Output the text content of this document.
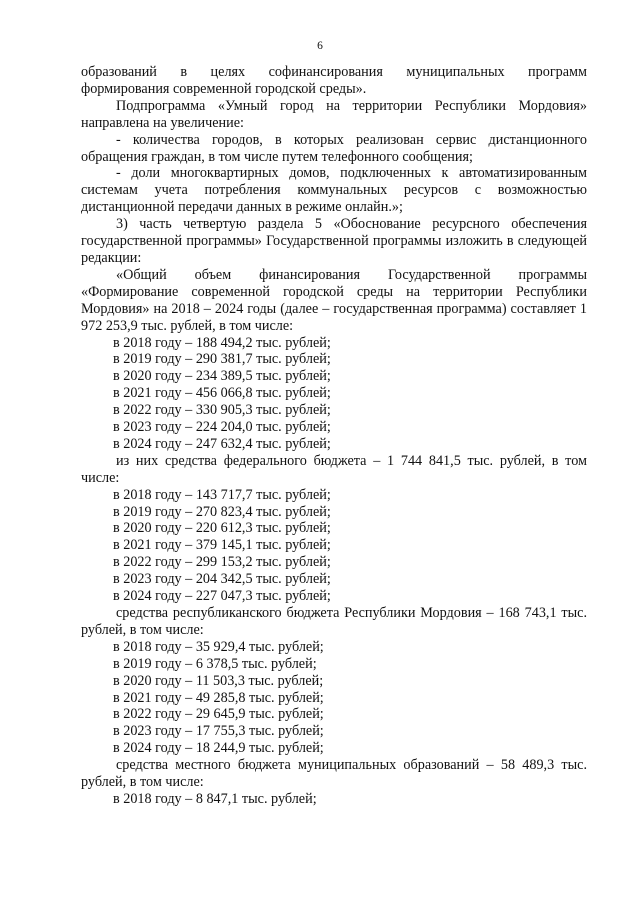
6
образований в целях софинансирования муниципальных программ
формирования современной городской среды».
Подпрограмма «Умный город на территории Республики Мордовия»
направлена на увеличение:
- количества городов, в которых реализован сервис дистанционного обращения граждан, в том числе путем телефонного сообщения;
- доли многоквартирных домов, подключенных к автоматизированным системам учета потребления коммунальных ресурсов с возможностью дистанционной передачи данных в режиме онлайн.»;
3) часть четвертую раздела 5 «Обоснование ресурсного обеспечения государственной программы» Государственной программы изложить в следующей редакции:
«Общий объем финансирования Государственной программы «Формирование современной городской среды на территории Республики Мордовия» на 2018 – 2024 годы (далее – государственная программа) составляет 1 972 253,9 тыс. рублей, в том числе:
в 2018 году – 188 494,2 тыс. рублей;
в 2019 году – 290 381,7 тыс. рублей;
в 2020 году – 234 389,5 тыс. рублей;
в 2021 году – 456 066,8 тыс. рублей;
в 2022 году – 330 905,3 тыс. рублей;
в 2023 году – 224 204,0 тыс. рублей;
в 2024 году – 247 632,4 тыс. рублей;
из них средства федерального бюджета – 1 744 841,5 тыс. рублей, в том числе:
в 2018 году – 143 717,7 тыс. рублей;
в 2019 году – 270 823,4 тыс. рублей;
в 2020 году – 220 612,3 тыс. рублей;
в 2021 году – 379 145,1 тыс. рублей;
в 2022 году – 299 153,2 тыс. рублей;
в 2023 году – 204 342,5 тыс. рублей;
в 2024 году – 227 047,3 тыс. рублей;
средства республиканского бюджета Республики Мордовия – 168 743,1 тыс. рублей, в том числе:
в 2018 году – 35 929,4 тыс. рублей;
в 2019 году – 6 378,5 тыс. рублей;
в 2020 году – 11 503,3 тыс. рублей;
в 2021 году – 49 285,8 тыс. рублей;
в 2022 году – 29 645,9 тыс. рублей;
в 2023 году – 17 755,3 тыс. рублей;
в 2024 году – 18 244,9 тыс. рублей;
средства местного бюджета муниципальных образований – 58 489,3 тыс. рублей, в том числе:
в 2018 году – 8 847,1 тыс. рублей;
